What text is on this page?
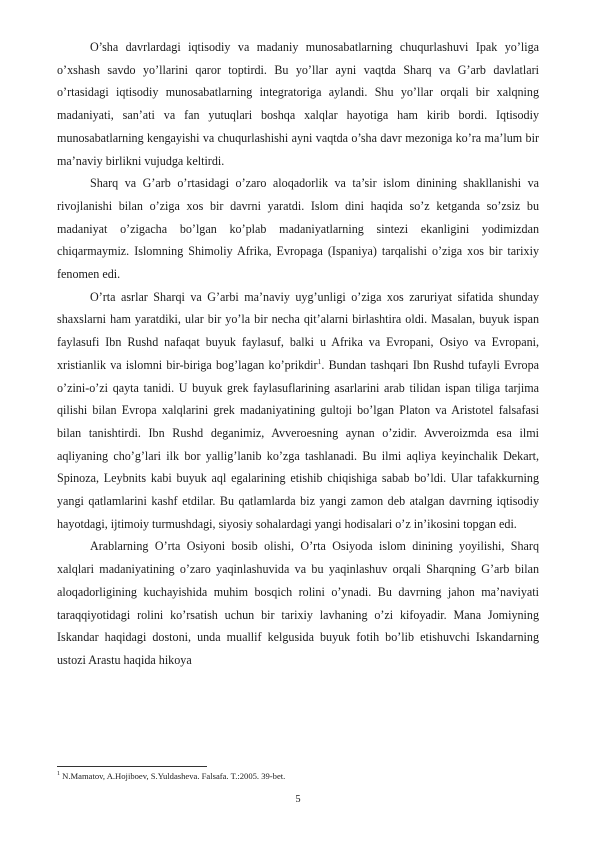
O’sha davrlardagi iqtisodiy va madaniy munosabatlarning chuqurlashuvi Ipak yo’liga o’xshash savdo yo’llarini qaror toptirdi. Bu yo’llar ayni vaqtda Sharq va G’arb davlatlari o’rtasidagi iqtisodiy munosabatlarning integratoriga aylandi. Shu yo’llar orqali bir xalqning madaniyati, san’ati va fan yutuqlari boshqa xalqlar hayotiga ham kirib bordi. Iqtisodiy munosabatlarning kengayishi va chuqurlashishi ayni vaqtda o’sha davr mezoniga ko’ra ma’lum bir ma’naviy birlikni vujudga keltirdi.

Sharq va G’arb o’rtasidagi o’zaro aloqadorlik va ta’sir islom dinining shakllanishi va rivojlanishi bilan o’ziga xos bir davrni yaratdi. Islom dini haqida so’z ketganda so’zsiz bu madaniyat o’zigacha bo’lgan ko’plab madaniyatlarning sintezi ekanligini yodimizdan chiqarmaymiz. Islomning Shimoliy Afrika, Evropaga (Ispaniya) tarqalishi o’ziga xos bir tarixiy fenomen edi.

O’rta asrlar Sharqi va G’arbi ma’naviy uyg’unligi o’ziga xos zaruriyat sifatida shunday shaxslarni ham yaratdiki, ular bir yo’la bir necha qit’alarni birlashtira oldi. Masalan, buyuk ispan faylasufi Ibn Rushd nafaqat buyuk faylasuf, balki u Afrika va Evropani, Osiyo va Evropani, xristianlik va islomni bir-biriga bog’lagan ko’prikdir$^1$. Bundan tashqari Ibn Rushd tufayli Evropa o’zini-o’zi qayta tanidi. U buyuk grek faylasuflarining asarlarini arab tilidan ispan tiliga tarjima qilishi bilan Evropa xalqlarini grek madaniyatining gultoji bo’lgan Platon va Aristotel falsafasi bilan tanishtirdi. Ibn Rushd deganimiz, Avveroesning aynan o’zidir. Avveroizmda esa ilmi aqliyaning cho’g’lari ilk bor yallig’lanib ko’zga tashlanadi. Bu ilmi aqliya keyinchalik Dekart, Spinoza, Leybnits kabi buyuk aql egalarining etishib chiqishiga sabab bo’ldi. Ular tafakkurning yangi qatlamlarini kashf etdilar. Bu qatlamlarda biz yangi zamon deb atalgan davrning iqtisodiy hayotdagi, ijtimoiy turmushdagi, siyosiy sohalardagi yangi hodisalari o’z in’ikosini topgan edi.

Arablarning O’rta Osiyoni bosib olishi, O’rta Osiyoda islom dinining yoyilishi, Sharq xalqlari madaniyatining o’zaro yaqinlashuvida va bu yaqinlashuv orqali Sharqning G’arb bilan aloqadorligining kuchayishida muhim bosqich rolini o’ynadi. Bu davrning jahon ma’naviyati taraqqiyotidagi rolini ko’rsatish uchun bir tarixiy lavhaning o’zi kifoyadir. Mana Jomiyning Iskandar haqidagi dostoni, unda muallif kelgusida buyuk fotih bo’lib etishuvchi Iskandarning ustozi Arastu haqida hikoya

$^1$ N.Mamatov, A.Hojiboev, S.Yuldasheva. Falsafa. T.:2005. 39-bet.

5
